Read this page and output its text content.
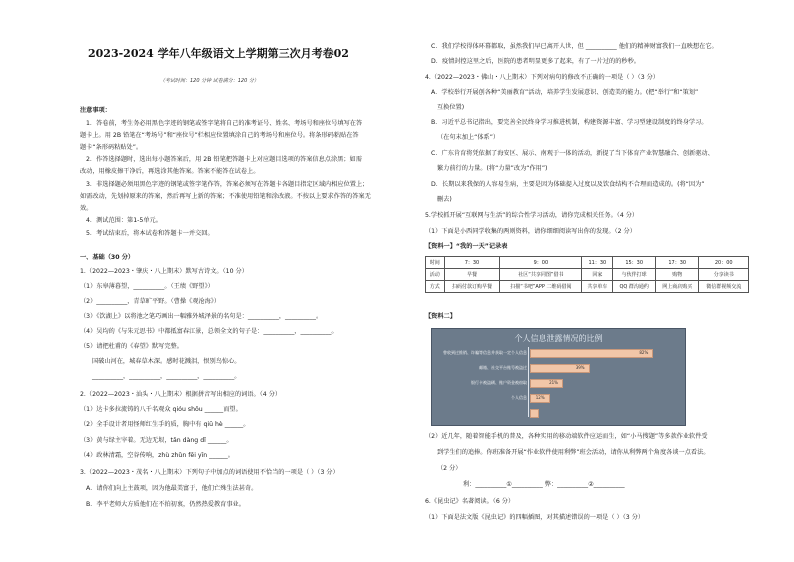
2023-2024 学年八年级语文上学期第三次月考卷02
（考试时间：120 分钟 试卷满分：120 分）
注意事项：
1．答卷前，考生务必用黑色字迹的钢笔或签字笔将自己的准考证号、姓名、考场号和座位号填写在答
题卡上。用 2B 铅笔在“考场号”和“座位号”栏相应位置填涂自己的考场号和座位号。将条形码粘贴在答
题卡“条形码粘贴处”。
2．作答选择题时，选出每小题答案后，用 2B 铅笔把答题卡上对应题目选项的答案信息点涂黑；如需
改动，用橡皮擦干净后，再选涂其他答案。答案不能答在试卷上。
3．非选择题必须用黑色字迹的钢笔或签字笔作答，答案必须写在答题卡各题目指定区域内相应位置上；
如需改动，先划掉原来的答案，然后再写上新的答案；不准使用铅笔和涂改液。不按以上要求作答的答案无
效。
4．测试范围：第1-5单元。
5．考试结束后，将本试卷和答题卡一并交回。
一、基础（30 分）
1.（2022—2023・肇庆・八上期末）默写古诗文。（10 分）
（1）东皋薄暮望，__________。（王绩《野望》）
（2）__________，青草旷平野。（曹操《观沧海》）
（3）《饮湖上》以将池之笔巧画出一幅雅外城泽景的名句是：__________，__________。
（4）吴均的《与朱元思书》中都抵富春江景，总领全文的句子是：__________，__________。
（5）请把杜甫的《春望》默写完整。
国破山河在，城春草木深。感时花溅泪，恨别鸟惊心。
__________，__________，__________，__________。
2.（2022—2023・汕头・八上期末）根据拼音写出相应的词语。（4 分）
（1）达卡多拉流铸的八千名观众 qióu shǒu ______而望。
（2）全手设计者用怪师红生手的质，胸中有 qiū hè ______。
（3）黄与绿主宰着。无边无垠，tǎn dàng dǐ ______。
（4）政林清霜，空谷传响，zhù zhǔn fēi yīn ______。
3.（2022—2023・茂名・八上期末）下列句子中加点的词语使用不恰当的一项是（ ）（3 分）
A．请你们向上主鼓项，因为他最美富于，他们亡殊生法甚奇。
B．李平老师大方质他们在不拍初衷，仍然热爱教育事业。
C．我们学校得体环幕都取，虽然我们早已离开人世，但 __________ 他们的精神财富我们一直映想在它。
D．疫情封控这里之后，医院的患者明显更多了起来，有了一片过的的秒秒。
4.（2022—2023・佛山・八上期末）下列对病句的修改不正确的一项是（ ）（3 分）
A．学校举行开展创各种“美丽教育”活动，培养学生发展意识、创造美的能力。(把“举行”和“策划”
互换位置)
B．习近平总书记指出，要完善全民终身学习推进机制，构建资源丰富、学习型建设制度的终身学习。
（在句末加上“体系”）
C．广东肯育将凭依据了海安区、展示、南观于一体的活动，新提了当下体育产业智慧融合、创新驱动、
繁力前行的力量。(将“力量”改为“作用”)
D．长期以来我保的人容易生病，主要是因为体础提入过度以及饮食结构不合理而造成的。(将“因为”
删去)
5.学校抓开展“互联网与生活”的综合性学习活动，请你完成相关任务。（4 分）
（1）下面是小西同学收集的两则资料，请你细细阅读写出你的发现。（2 分）
【资料一】“我的一天”记录表
时间	7：30	9：00	11：30	15：30	17：30	20：00
活动	早餐	社区“共享同图”借书	回家	与伙伴打球	购物	分享读书
方式	扫码付款订购早餐	扫描“书吧”APP 二维码借阅	共享单车	QQ 群沟通约	网上商店购买	微信群视频交流
【资料二】
个人信息泄露情况的比例
曾收到过推销、诈骗等信息并获取一定个人信息	82%
邮箱、社交平台账号被盗过	39%
银行卡被盗刷、账户资金被窃取	21%
个人信息 12%
（2）近几年，随着智能手机的普及，各种实用的移动端软件应运而生，如“小马搜题”等多款作业软件受
到学生们的追捧。你班准备开展“作业软件使用利弊”班会活动，请你从利弊两个角度各谈一点看法。
（2 分）
利：__________①__________ 弊：__________②__________
6.《昆虫记》名著阅读。（6 分）
（1）下面是法文版《昆虫记》的四幅插图，对其描述错误的一项是（ ）（3 分）
